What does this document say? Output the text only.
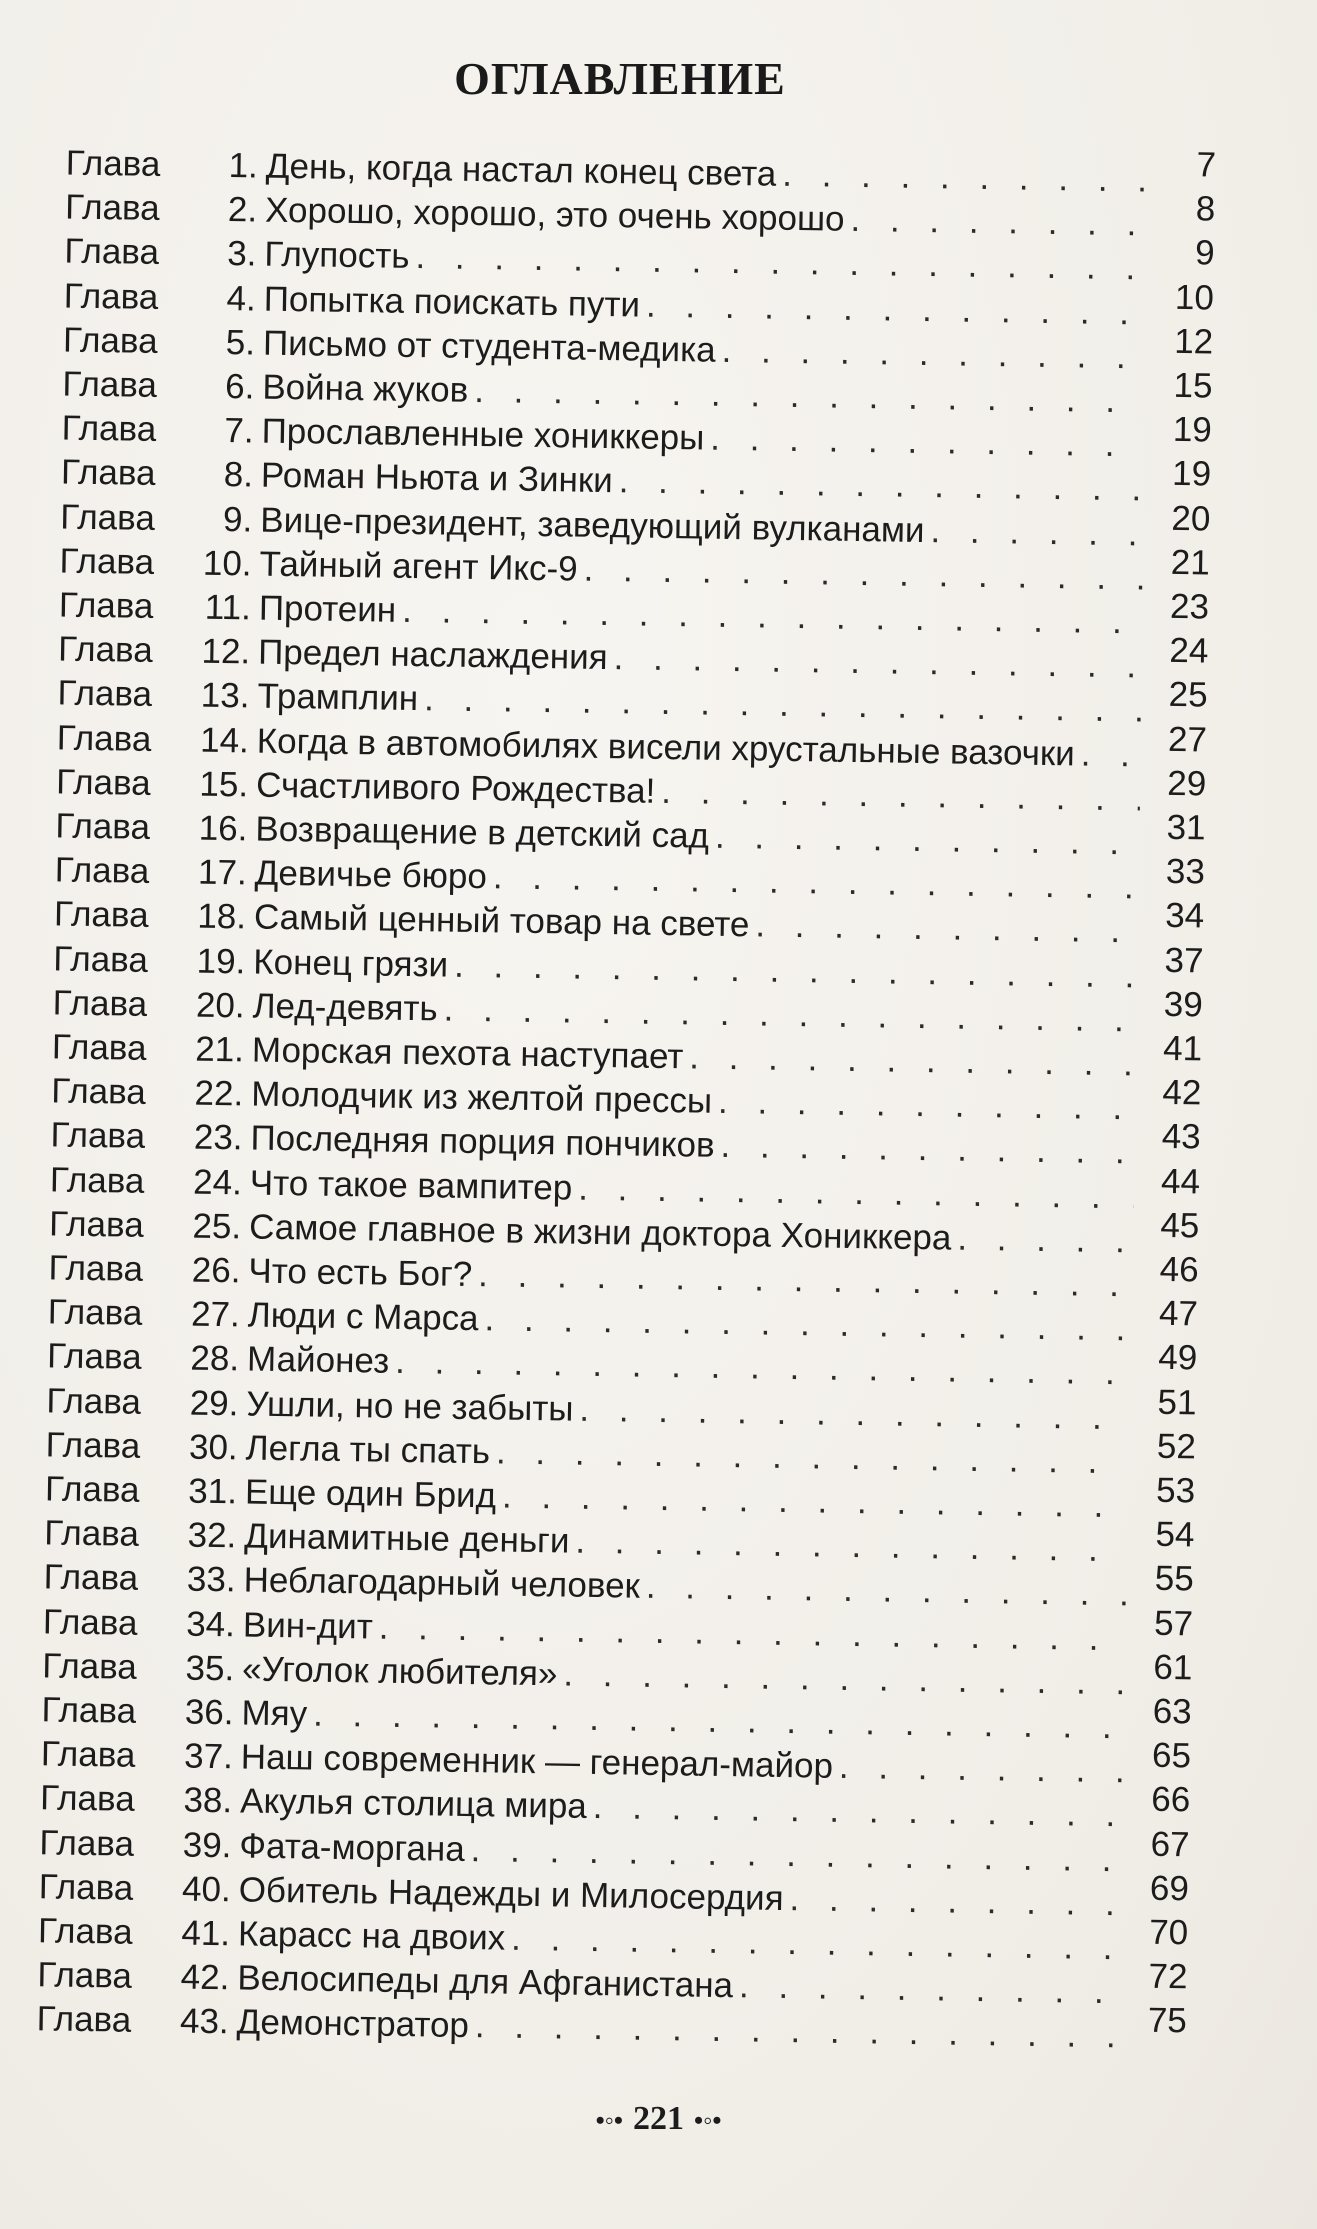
ОГЛАВЛЕНИЕ
Глава 1. День, когда настал конец света . . .	7
Глава 2. Хорошо, хорошо, это очень хорошо . . .	8
Глава 3. Глупость . . .	9
Глава 4. Попытка поискать пути . . .	10
Глава 5. Письмо от студента-медика . . .	12
Глава 6. Война жуков . . .	15
Глава 7. Прославленные хониккеры . . .	19
Глава 8. Роман Ньюта и Зинки . . .	19
Глава 9. Вице-президент, заведующий вулканами . . .	20
Глава 10. Тайный агент Икс-9 . . .	21
Глава 11. Протеин . . .	23
Глава 12. Предел наслаждения . . .	24
Глава 13. Трамплин . . .	25
Глава 14. Когда в автомобилях висели хрустальные вазочки . . .	27
Глава 15. Счастливого Рождества! . . .	29
Глава 16. Возвращение в детский сад . . .	31
Глава 17. Девичье бюро . . .	33
Глава 18. Самый ценный товар на свете . . .	34
Глава 19. Конец грязи . . .	37
Глава 20. Лед-девять . . .	39
Глава 21. Морская пехота наступает . . .	41
Глава 22. Молодчик из желтой прессы . . .	42
Глава 23. Последняя порция пончиков . . .	43
Глава 24. Что такое вампитер . . .	44
Глава 25. Самое главное в жизни доктора Хониккера . . .	45
Глава 26. Что есть Бог? . . .	46
Глава 27. Люди с Марса . . .	47
Глава 28. Майонез . . .	49
Глава 29. Ушли, но не забыты . . .	51
Глава 30. Легла ты спать . . .	52
Глава 31. Еще один Брид . . .	53
Глава 32. Динамитные деньги . . .	54
Глава 33. Неблагодарный человек . . .	55
Глава 34. Вин-дит . . .	57
Глава 35. «Уголок любителя» . . .	61
Глава 36. Мяу . . .	63
Глава 37. Наш современник — генерал-майор . . .	65
Глава 38. Акулья столица мира . . .	66
Глава 39. Фата-моргана . . .	67
Глава 40. Обитель Надежды и Милосердия . . .	69
Глава 41. Карасс на двоих . . .	70
Глава 42. Велосипеды для Афганистана . . .	72
Глава 43. Демонстратор . . .	75
•◦• 221 •◦•
